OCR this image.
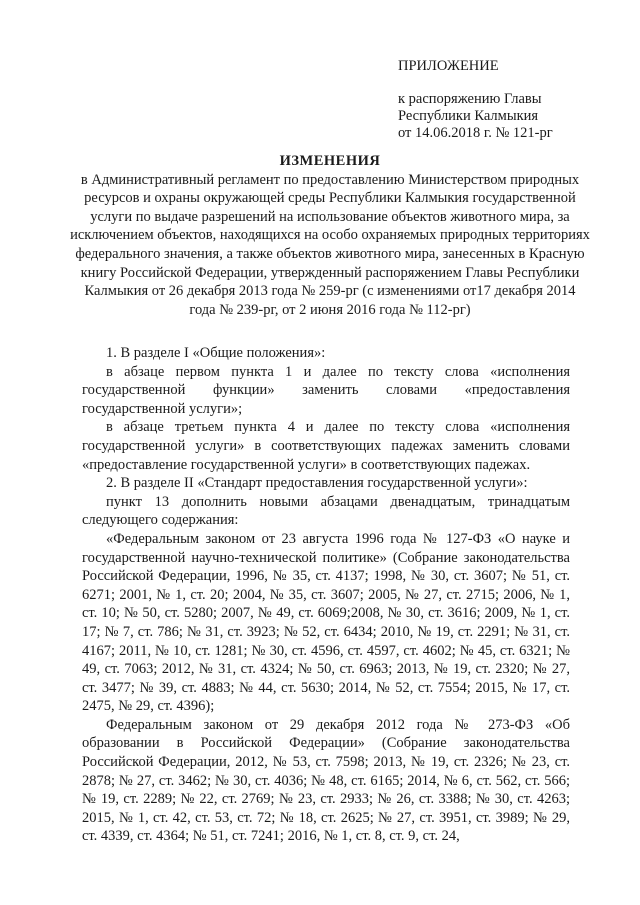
ПРИЛОЖЕНИЕ
к распоряжению Главы
Республики Калмыкия
от 14.06.2018 г. № 121-рг
ИЗМЕНЕНИЯ
в Административный регламент по предоставлению Министерством природных ресурсов и охраны окружающей среды Республики Калмыкия государственной услуги по выдаче разрешений на использование объектов животного мира, за исключением объектов, находящихся на особо охраняемых природных территориях федерального значения, а также объектов животного мира, занесенных в Красную книгу Российской Федерации, утвержденный распоряжением Главы Республики Калмыкия от 26 декабря 2013 года № 259-рг (с изменениями от17 декабря 2014 года № 239-рг, от 2 июня 2016 года № 112-рг)

1. В разделе I «Общие положения»:

в абзаце первом пункта 1 и далее по тексту слова «исполнения государственной функции» заменить словами «предоставления государственной услуги»;

в абзаце третьем пункта 4 и далее по тексту слова «исполнения государственной услуги» в соответствующих падежах заменить словами «предоставление государственной услуги» в соответствующих падежах.

2. В разделе II «Стандарт предоставления государственной услуги»:

пункт 13 дополнить новыми абзацами двенадцатым, тринадцатым следующего содержания:

«Федеральным законом от 23 августа 1996 года № 127-ФЗ «О науке и государственной научно-технической политике» (Собрание законодательства Российской Федерации, 1996, № 35, ст. 4137; 1998, № 30, ст. 3607; № 51, ст. 6271; 2001, № 1, ст. 20; 2004, № 35, ст. 3607; 2005, № 27, ст. 2715; 2006, № 1, ст. 10; № 50, ст. 5280; 2007, № 49, ст. 6069;2008, № 30, ст. 3616; 2009, № 1, ст. 17; № 7, ст. 786; № 31, ст. 3923; № 52, ст. 6434; 2010, № 19, ст. 2291; № 31, ст. 4167; 2011, № 10, ст. 1281; № 30, ст. 4596, ст. 4597, ст. 4602; № 45, ст. 6321; № 49, ст. 7063; 2012, № 31, ст. 4324; № 50, ст. 6963; 2013, № 19, ст. 2320; № 27, ст. 3477; № 39, ст. 4883; № 44, ст. 5630; 2014, № 52, ст. 7554; 2015, № 17, ст. 2475, № 29, ст. 4396);

Федеральным законом от 29 декабря 2012 года № 273-ФЗ «Об образовании в Российской Федерации» (Собрание законодательства Российской Федерации, 2012, № 53, ст. 7598; 2013, № 19, ст. 2326; № 23, ст. 2878; № 27, ст. 3462; № 30, ст. 4036; № 48, ст. 6165; 2014, № 6, ст. 562, ст. 566; № 19, ст. 2289; № 22, ст. 2769; № 23, ст. 2933; № 26, ст. 3388; № 30, ст. 4263; 2015, № 1, ст. 42, ст. 53, ст. 72; № 18, ст. 2625; № 27, ст. 3951, ст. 3989; № 29, ст. 4339, ст. 4364; № 51, ст. 7241; 2016, № 1, ст. 8, ст. 9, ст. 24,
